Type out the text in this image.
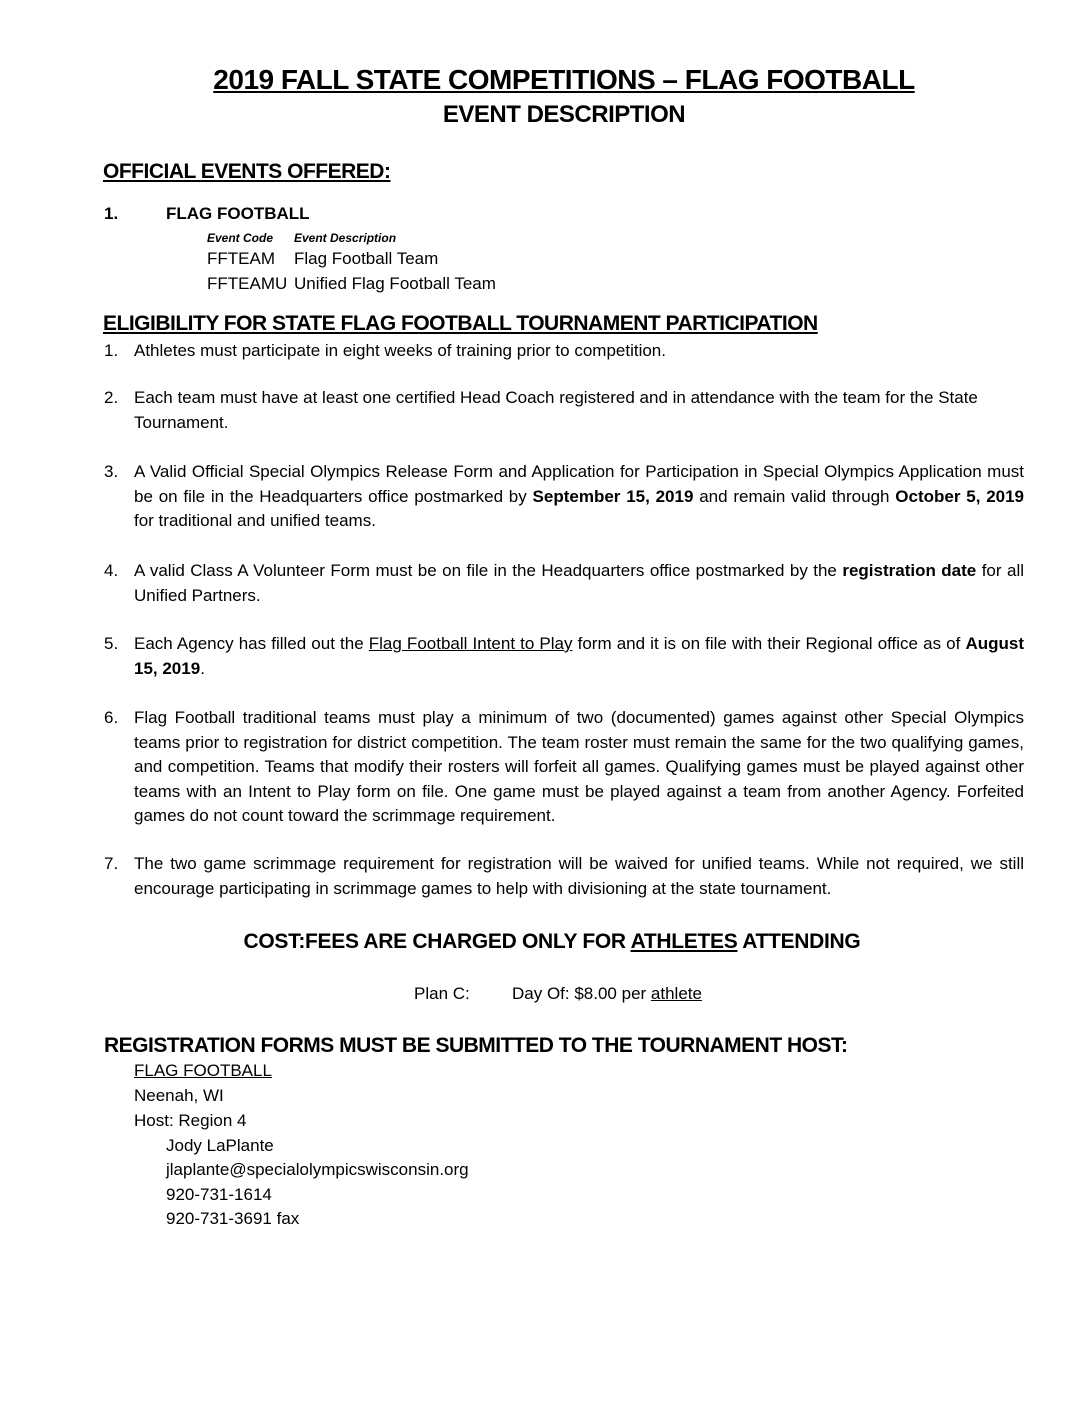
2019 FALL STATE COMPETITIONS – FLAG FOOTBALL
EVENT DESCRIPTION
OFFICIAL EVENTS OFFERED:
1.	FLAG FOOTBALL
Event Code Event Description
FFTEAM Flag Football Team
FFTEAMU Unified Flag Football Team
ELIGIBILITY FOR STATE FLAG FOOTBALL TOURNAMENT PARTICIPATION
1. Athletes must participate in eight weeks of training prior to competition.
2. Each team must have at least one certified Head Coach registered and in attendance with the team for the State Tournament.
3. A Valid Official Special Olympics Release Form and Application for Participation in Special Olympics Application must be on file in the Headquarters office postmarked by September 15, 2019 and remain valid through October 5, 2019 for traditional and unified teams.
4. A valid Class A Volunteer Form must be on file in the Headquarters office postmarked by the registration date for all Unified Partners.
5. Each Agency has filled out the Flag Football Intent to Play form and it is on file with their Regional office as of August 15, 2019.
6. Flag Football traditional teams must play a minimum of two (documented) games against other Special Olympics teams prior to registration for district competition. The team roster must remain the same for the two qualifying games, and competition. Teams that modify their rosters will forfeit all games. Qualifying games must be played against other teams with an Intent to Play form on file. One game must be played against a team from another Agency. Forfeited games do not count toward the scrimmage requirement.
7. The two game scrimmage requirement for registration will be waived for unified teams. While not required, we still encourage participating in scrimmage games to help with divisioning at the state tournament.
COST:FEES ARE CHARGED ONLY FOR ATHLETES ATTENDING
Plan C: Day Of: $8.00 per athlete
REGISTRATION FORMS MUST BE SUBMITTED TO THE TOURNAMENT HOST:
FLAG FOOTBALL
Neenah, WI
Host: Region 4
Jody LaPlante
jlaplante@specialolympicswisconsin.org
920-731-1614
920-731-3691 fax
